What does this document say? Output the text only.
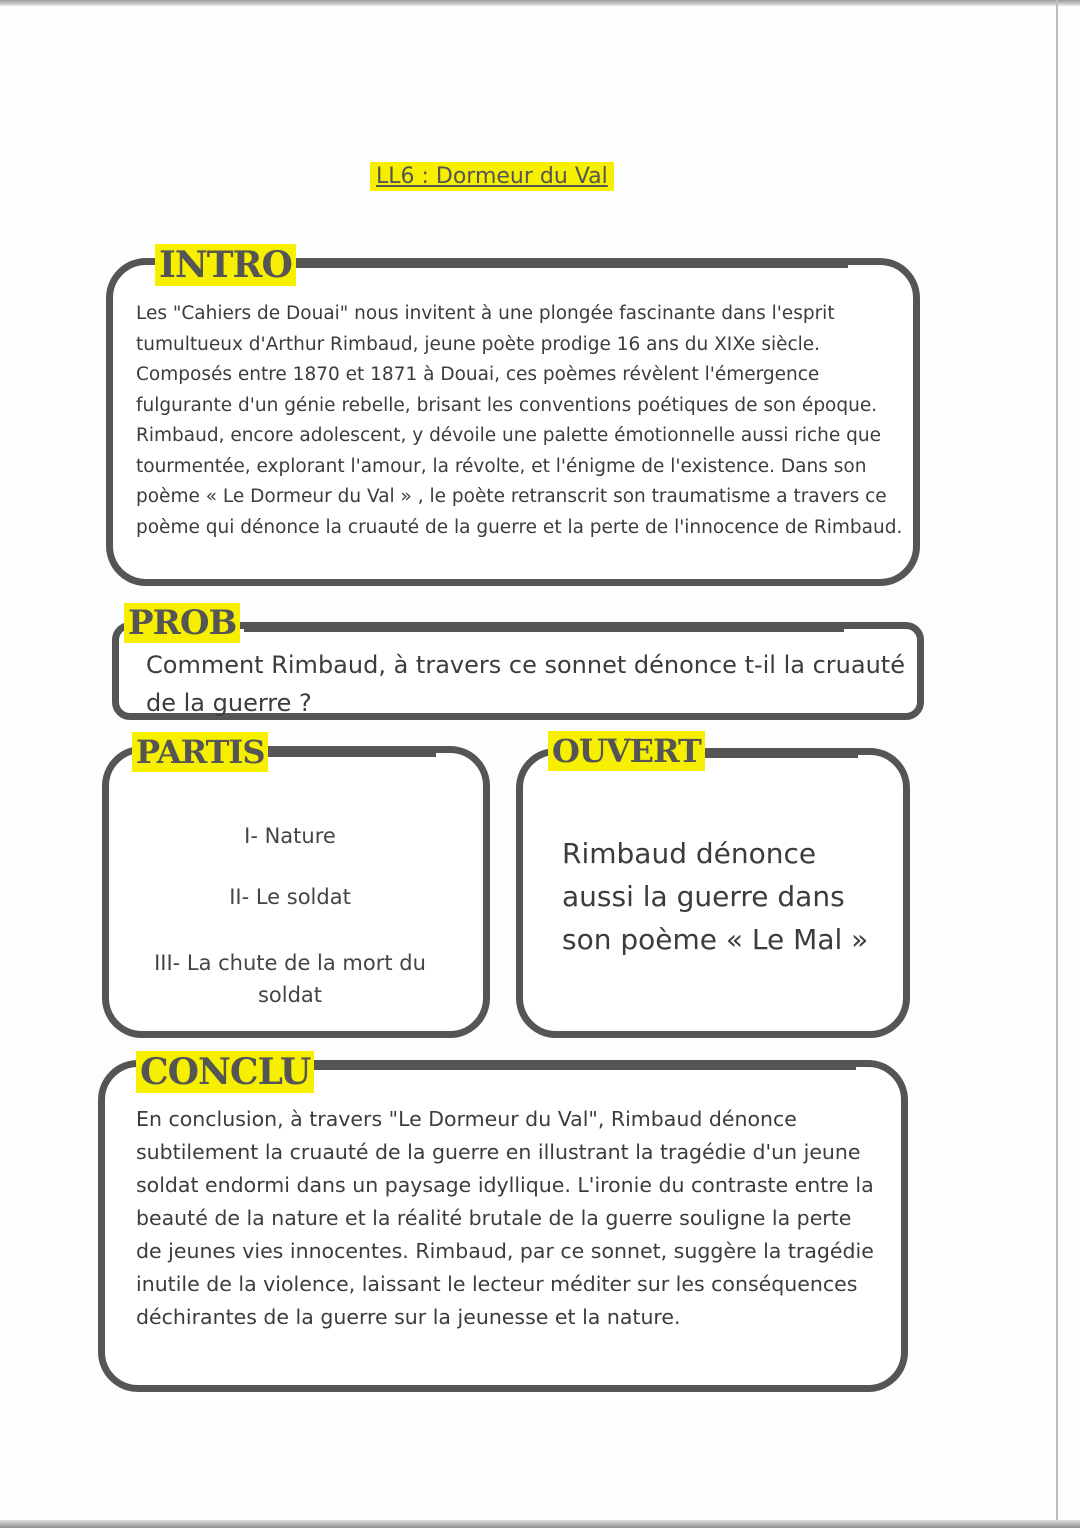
LL6 : Dormeur du Val
INTRO
Les "Cahiers de Douai" nous invitent à une plongée fascinante dans l'esprit tumultueux d'Arthur Rimbaud, jeune poète prodige 16 ans du XIXe siècle. Composés entre 1870 et 1871 à Douai, ces poèmes révèlent l'émergence fulgurante d'un génie rebelle, brisant les conventions poétiques de son époque. Rimbaud, encore adolescent, y dévoile une palette émotionnelle aussi riche que tourmentée, explorant l'amour, la révolte, et l'énigme de l'existence. Dans son poème « Le Dormeur du Val » , le poète retranscrit son traumatisme a travers ce poème qui dénonce la cruauté de la guerre et la perte de l'innocence de Rimbaud.
PROB
Comment Rimbaud, à travers ce sonnet dénonce t-il la cruauté de la guerre ?
PARTIS
I- Nature
II- Le soldat
III- La chute de la mort du soldat
OUVERT
Rimbaud dénonce aussi la guerre dans son poème « Le Mal »
CONCLU
En conclusion, à travers "Le Dormeur du Val", Rimbaud dénonce subtilement la cruauté de la guerre en illustrant la tragédie d'un jeune soldat endormi dans un paysage idyllique. L'ironie du contraste entre la beauté de la nature et la réalité brutale de la guerre souligne la perte de jeunes vies innocentes. Rimbaud, par ce sonnet, suggère la tragédie inutile de la violence, laissant le lecteur méditer sur les conséquences déchirantes de la guerre sur la jeunesse et la nature.
